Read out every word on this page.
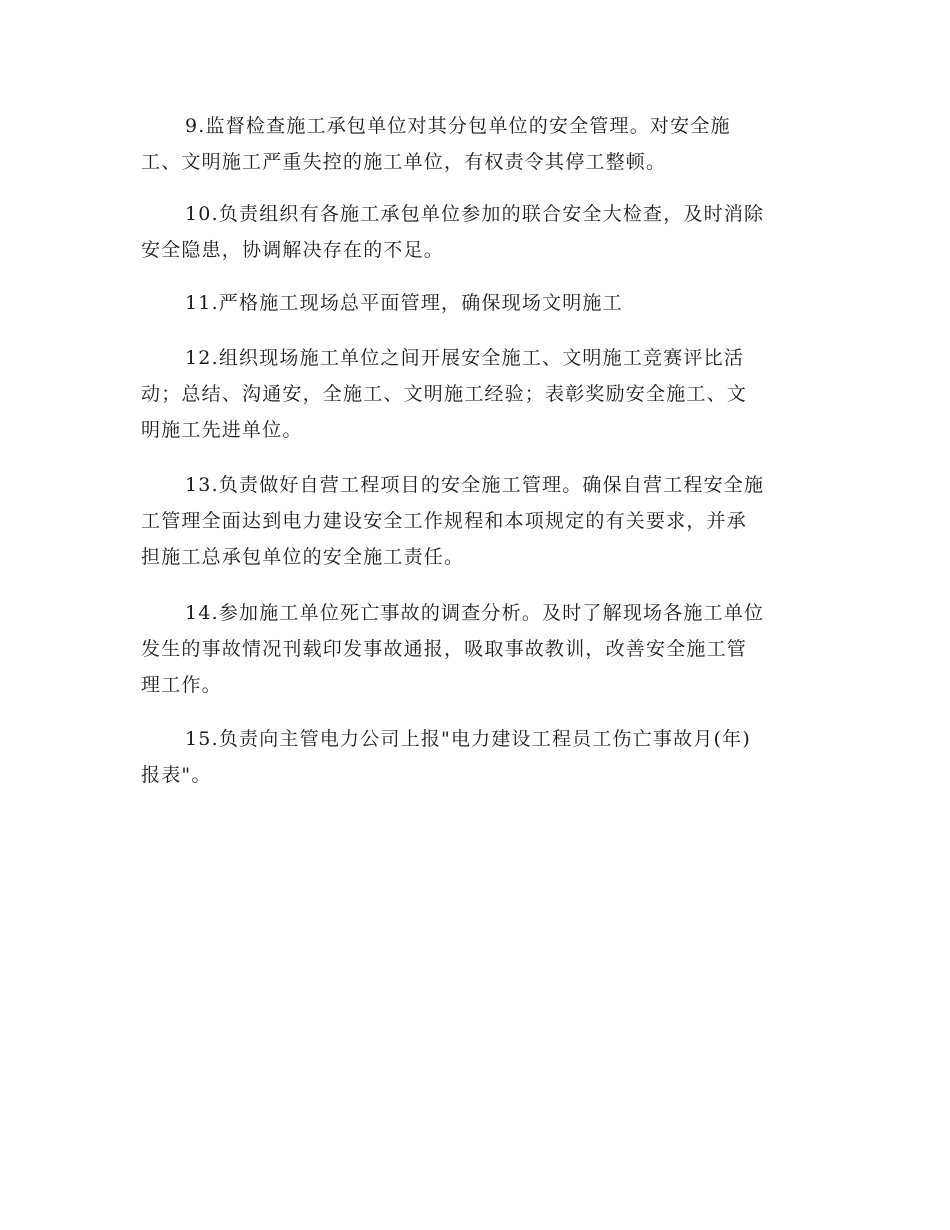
9.监督检查施工承包单位对其分包单位的安全管理。对安全施
工、文明施工严重失控的施工单位，有权责令其停工整顿。

10.负责组织有各施工承包单位参加的联合安全大检查，及时消除
安全隐患，协调解决存在的不足。

11.严格施工现场总平面管理，确保现场文明施工

12.组织现场施工单位之间开展安全施工、文明施工竞赛评比活
动；总结、沟通安，全施工、文明施工经验；表彰奖励安全施工、文
明施工先进单位。

13.负责做好自营工程项目的安全施工管理。确保自营工程安全施
工管理全面达到电力建设安全工作规程和本项规定的有关要求，并承
担施工总承包单位的安全施工责任。

14.参加施工单位死亡事故的调查分析。及时了解现场各施工单位
发生的事故情况刊载印发事故通报，吸取事故教训，改善安全施工管
理工作。

15.负责向主管电力公司上报"电力建设工程员工伤亡事故月(年)
报表"。
